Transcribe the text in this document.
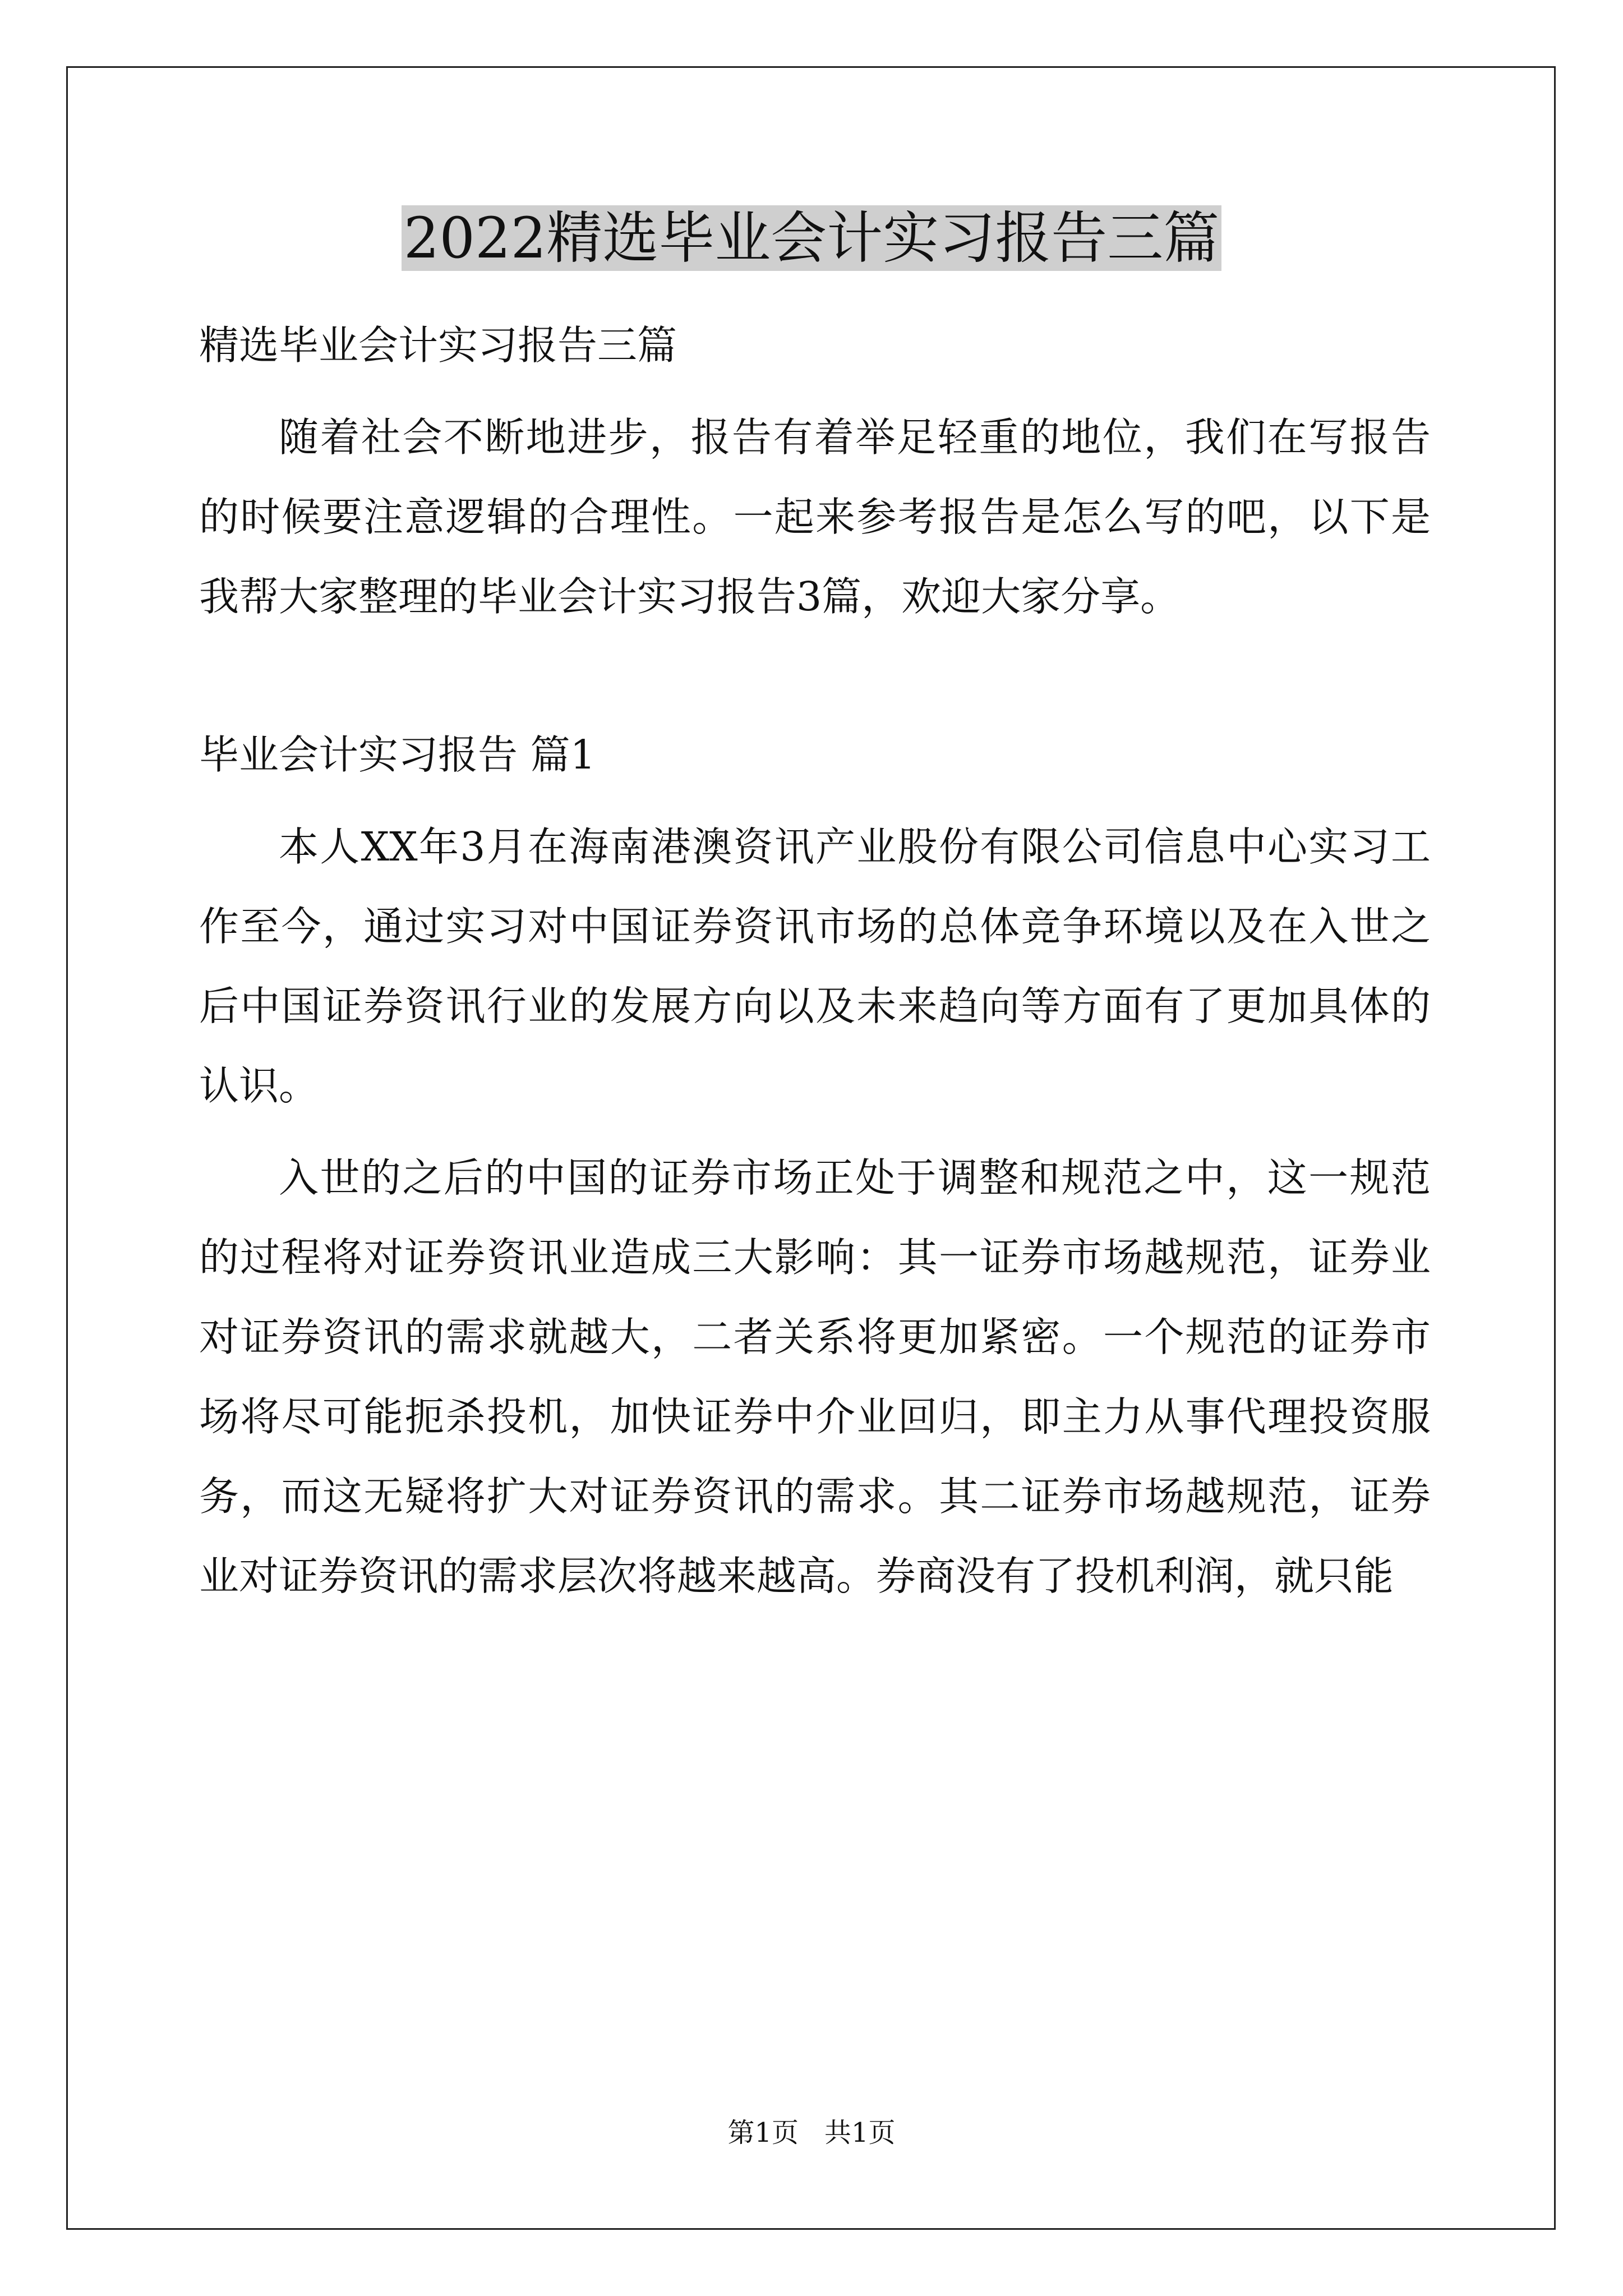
2022精选毕业会计实习报告三篇

精选毕业会计实习报告三篇

随着社会不断地进步，报告有着举足轻重的地位，我们在写报告的时候要注意逻辑的合理性。一起来参考报告是怎么写的吧，以下是我帮大家整理的毕业会计实习报告3篇，欢迎大家分享。

毕业会计实习报告 篇1

本人XX年3月在海南港澳资讯产业股份有限公司信息中心实习工作至今，通过实习对中国证券资讯市场的总体竞争环境以及在入世之后中国证券资讯行业的发展方向以及未来趋向等方面有了更加具体的认识。

入世的之后的中国的证券市场正处于调整和规范之中，这一规范的过程将对证券资讯业造成三大影响：其一证券市场越规范，证券业对证券资讯的需求就越大，二者关系将更加紧密。一个规范的证券市场将尽可能扼杀投机，加快证券中介业回归，即主力从事代理投资服务，而这无疑将扩大对证券资讯的需求。其二证券市场越规范，证券业对证券资讯的需求层次将越来越高。券商没有了投机利润，就只能

第1页 共1页
